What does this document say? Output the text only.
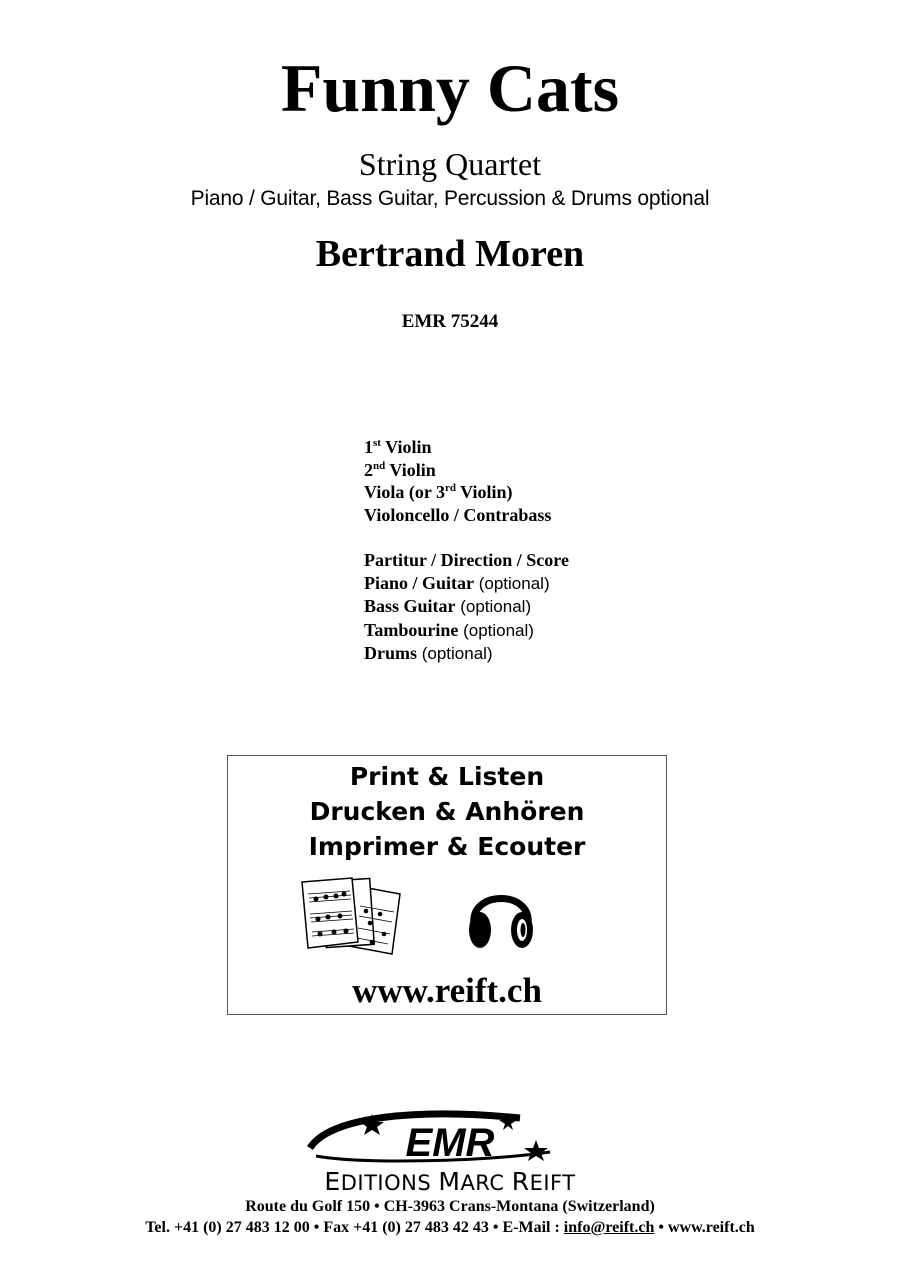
Funny Cats
String Quartet
Piano / Guitar, Bass Guitar, Percussion & Drums optional
Bertrand Moren
EMR 75244
1st Violin
2nd Violin
Viola (or 3rd Violin)
Violoncello / Contrabass
Partitur / Direction / Score
Piano / Guitar (optional)
Bass Guitar (optional)
Tambourine (optional)
Drums (optional)
Print & Listen
Drucken & Anhören
Imprimer & Ecouter
www.reift.ch
EMR
EDITIONS MARC REIFT
Route du Golf 150 • CH-3963 Crans-Montana (Switzerland)
Tel. +41 (0) 27 483 12 00 • Fax +41 (0) 27 483 42 43 • E-Mail : info@reift.ch • www.reift.ch
